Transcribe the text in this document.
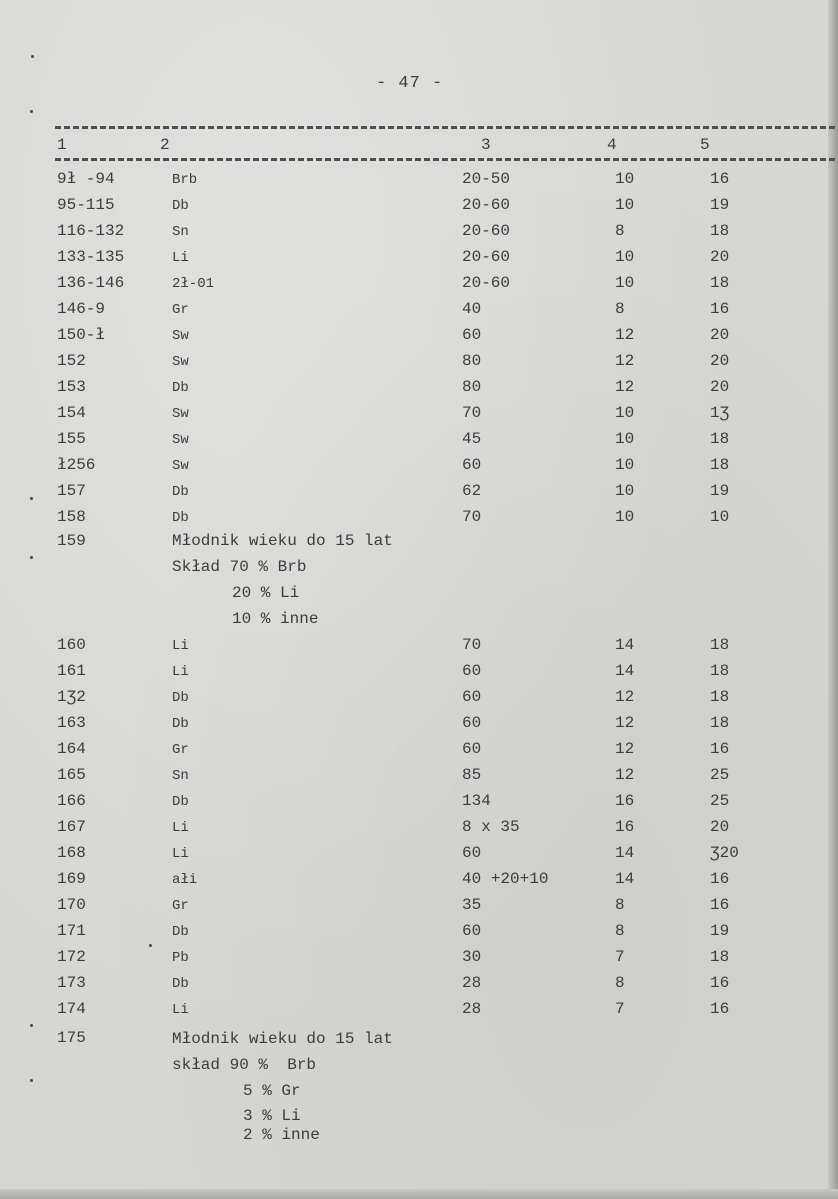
- 47 -
1	2	3	4	5
9ł -94	Brb	20-50	10	16
95-115	Db	20-60	10	19
116-132	Sn	20-60	8	18
133-135	Li	20-60	10	20
136-146	2ł-01	20-60	10	18
146-9	Gr	40	8	16
150-ł	Sw	60	12	20
152	Sw	80	12	20
153	Db	80	12	20
154	Sw	70	10	1Ʒ
155	Sw	45	10	18
ł256	Sw	60	10	18
157	Db	62	10	19
158	Db	70	10	10
159	Młodnik wieku do 15 lat
Skład 70 % Brb
20 % Li
10 % inne
160	Li	70	14	18
161	Li	60	14	18
1Ʒ2	Db	60	12	18
163	Db	60	12	18
164	Gr	60	12	16
165	Sn	85	12	25
166	Db	134	16	25
167	Li	8 x 35	16	20
168	Li	60	14	Ʒ20
169	ałi	40 +20+10	14	16
170	Gr	35	8	16
171	Db	60	8	19
172	Pb	30	7	18
173	Db	28	8	16
174	Li	28	7	16
175	Młodnik wieku do 15 lat
skład 90 %  Brb
5 % Gr
3 % Li
2 % inne
